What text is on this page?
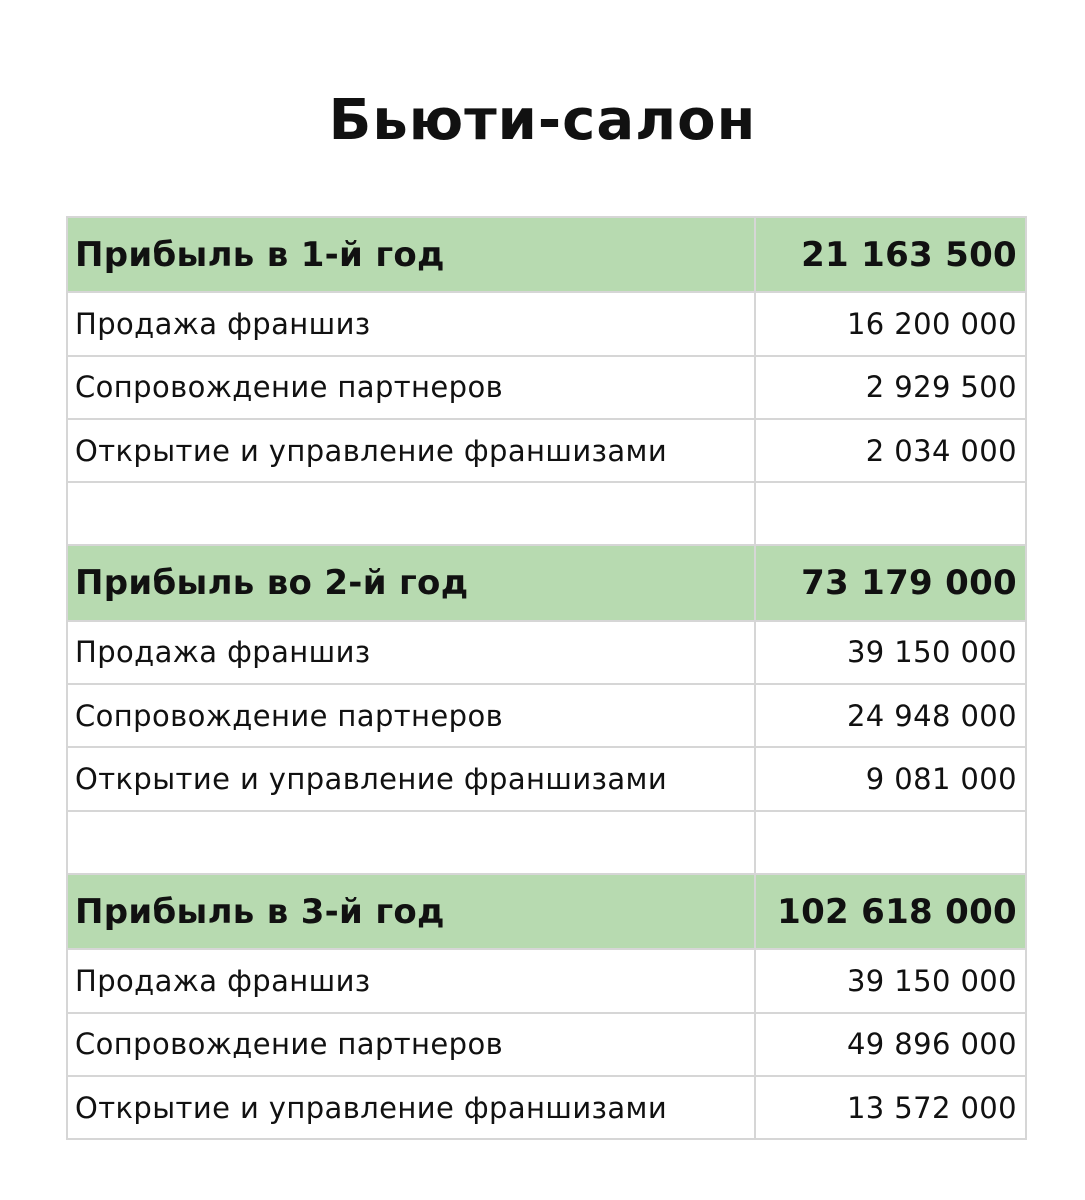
Бьюти-салон
Прибыль в 1-й год	21 163 500
Продажа франшиз	16 200 000
Сопровождение партнеров	2 929 500
Открытие и управление франшизами	2 034 000
Прибыль во 2-й год	73 179 000
Продажа франшиз	39 150 000
Сопровождение партнеров	24 948 000
Открытие и управление франшизами	9 081 000
Прибыль в 3-й год	102 618 000
Продажа франшиз	39 150 000
Сопровождение партнеров	49 896 000
Открытие и управление франшизами	13 572 000
